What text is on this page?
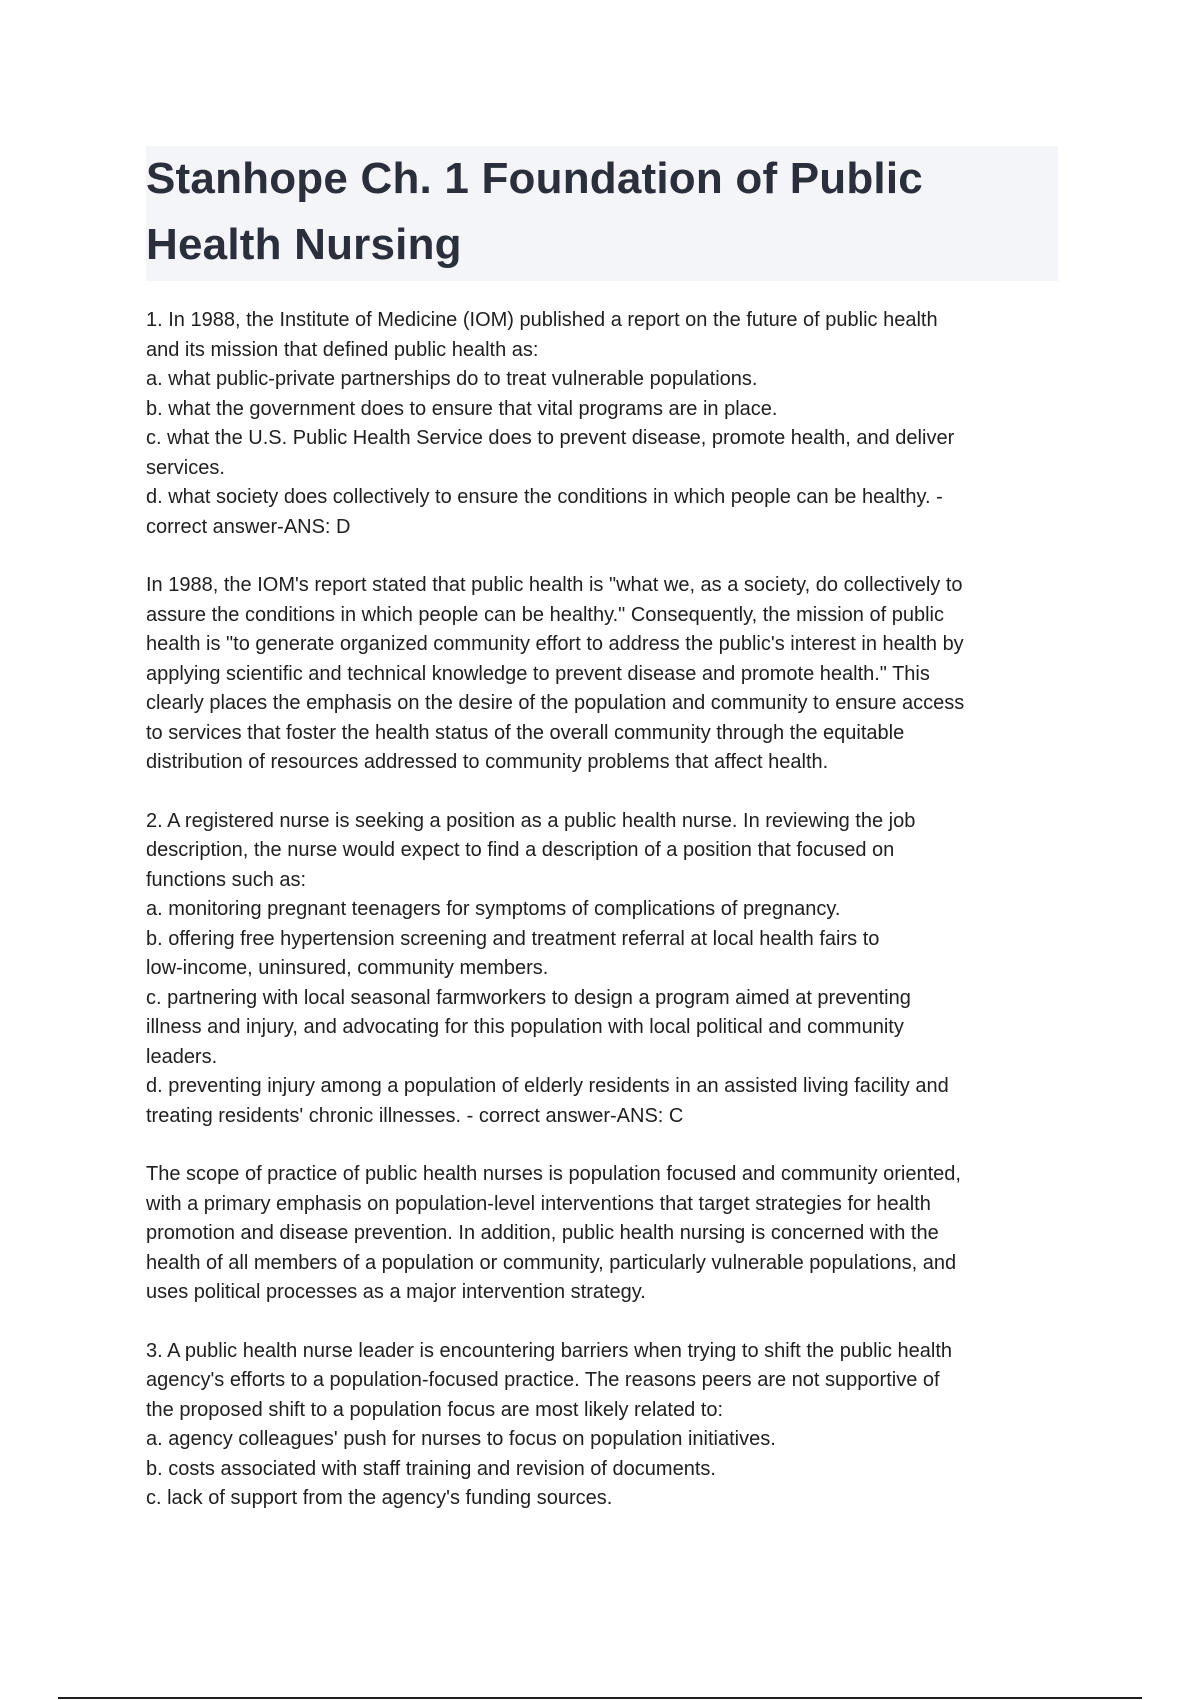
Stanhope Ch. 1 Foundation of Public
Health Nursing
1. In 1988, the Institute of Medicine (IOM) published a report on the future of public health
and its mission that defined public health as:
a. what public-private partnerships do to treat vulnerable populations.
b. what the government does to ensure that vital programs are in place.
c. what the U.S. Public Health Service does to prevent disease, promote health, and deliver
services.
d. what society does collectively to ensure the conditions in which people can be healthy. -
correct answer-ANS: D
In 1988, the IOM's report stated that public health is "what we, as a society, do collectively to
assure the conditions in which people can be healthy." Consequently, the mission of public
health is "to generate organized community effort to address the public's interest in health by
applying scientific and technical knowledge to prevent disease and promote health." This
clearly places the emphasis on the desire of the population and community to ensure access
to services that foster the health status of the overall community through the equitable
distribution of resources addressed to community problems that affect health.
2. A registered nurse is seeking a position as a public health nurse. In reviewing the job
description, the nurse would expect to find a description of a position that focused on
functions such as:
a. monitoring pregnant teenagers for symptoms of complications of pregnancy.
b. offering free hypertension screening and treatment referral at local health fairs to
low-income, uninsured, community members.
c. partnering with local seasonal farmworkers to design a program aimed at preventing
illness and injury, and advocating for this population with local political and community
leaders.
d. preventing injury among a population of elderly residents in an assisted living facility and
treating residents' chronic illnesses. - correct answer-ANS: C
The scope of practice of public health nurses is population focused and community oriented,
with a primary emphasis on population-level interventions that target strategies for health
promotion and disease prevention. In addition, public health nursing is concerned with the
health of all members of a population or community, particularly vulnerable populations, and
uses political processes as a major intervention strategy.
3. A public health nurse leader is encountering barriers when trying to shift the public health
agency's efforts to a population-focused practice. The reasons peers are not supportive of
the proposed shift to a population focus are most likely related to:
a. agency colleagues' push for nurses to focus on population initiatives.
b. costs associated with staff training and revision of documents.
c. lack of support from the agency's funding sources.
